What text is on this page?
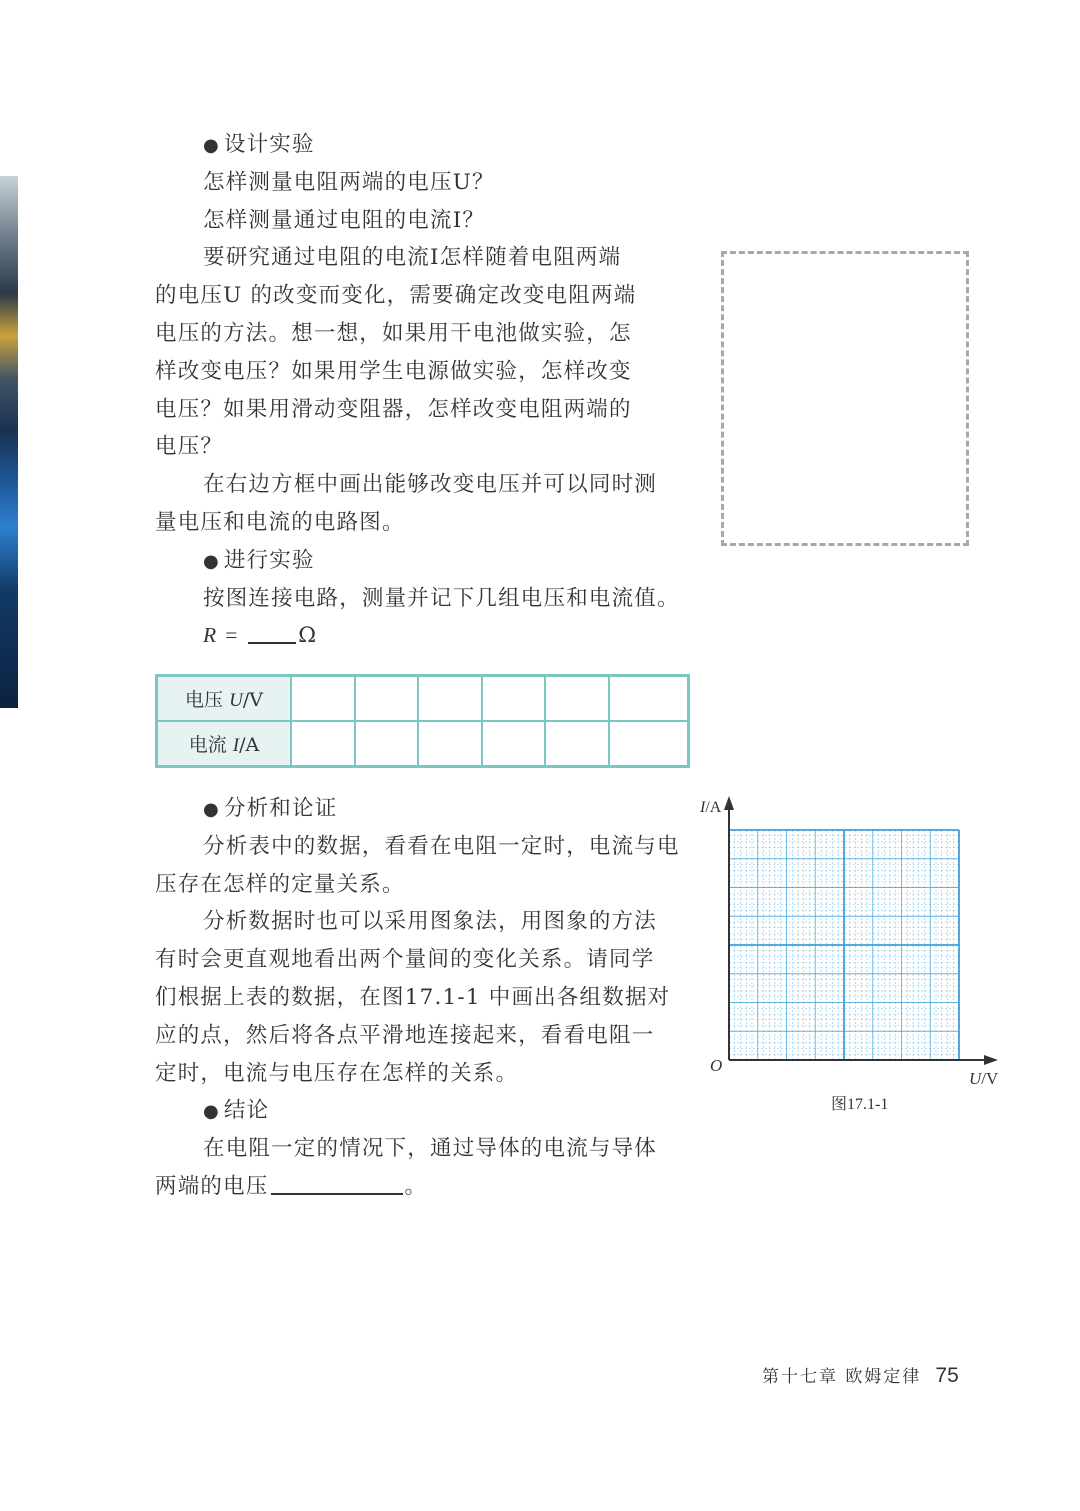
● 设计实验
怎样测量电阻两端的电压U？
怎样测量通过电阻的电流I？
要研究通过电阻的电流I怎样随着电阻两端
的电压U 的改变而变化，需要确定改变电阻两端
电压的方法。想一想，如果用干电池做实验，怎
样改变电压？如果用学生电源做实验，怎样改变
电压？如果用滑动变阻器，怎样改变电阻两端的
电压？
在右边方框中画出能够改变电压并可以同时测
量电压和电流的电路图。
● 进行实验
按图连接电路，测量并记下几组电压和电流值。
R = Ω
电压 U/V						
电流 I/A						
● 分析和论证
分析表中的数据，看看在电阻一定时，电流与电
压存在怎样的定量关系。
分析数据时也可以采用图象法，用图象的方法
有时会更直观地看出两个量间的变化关系。请同学
们根据上表的数据，在图17.1-1 中画出各组数据对
应的点，然后将各点平滑地连接起来，看看电阻一
定时，电流与电压存在怎样的关系。
● 结论
在电阻一定的情况下，通过导体的电流与导体
两端的电压	。
I/A
O
U/V
图17.1-1
第十七章 欧姆定律 75
